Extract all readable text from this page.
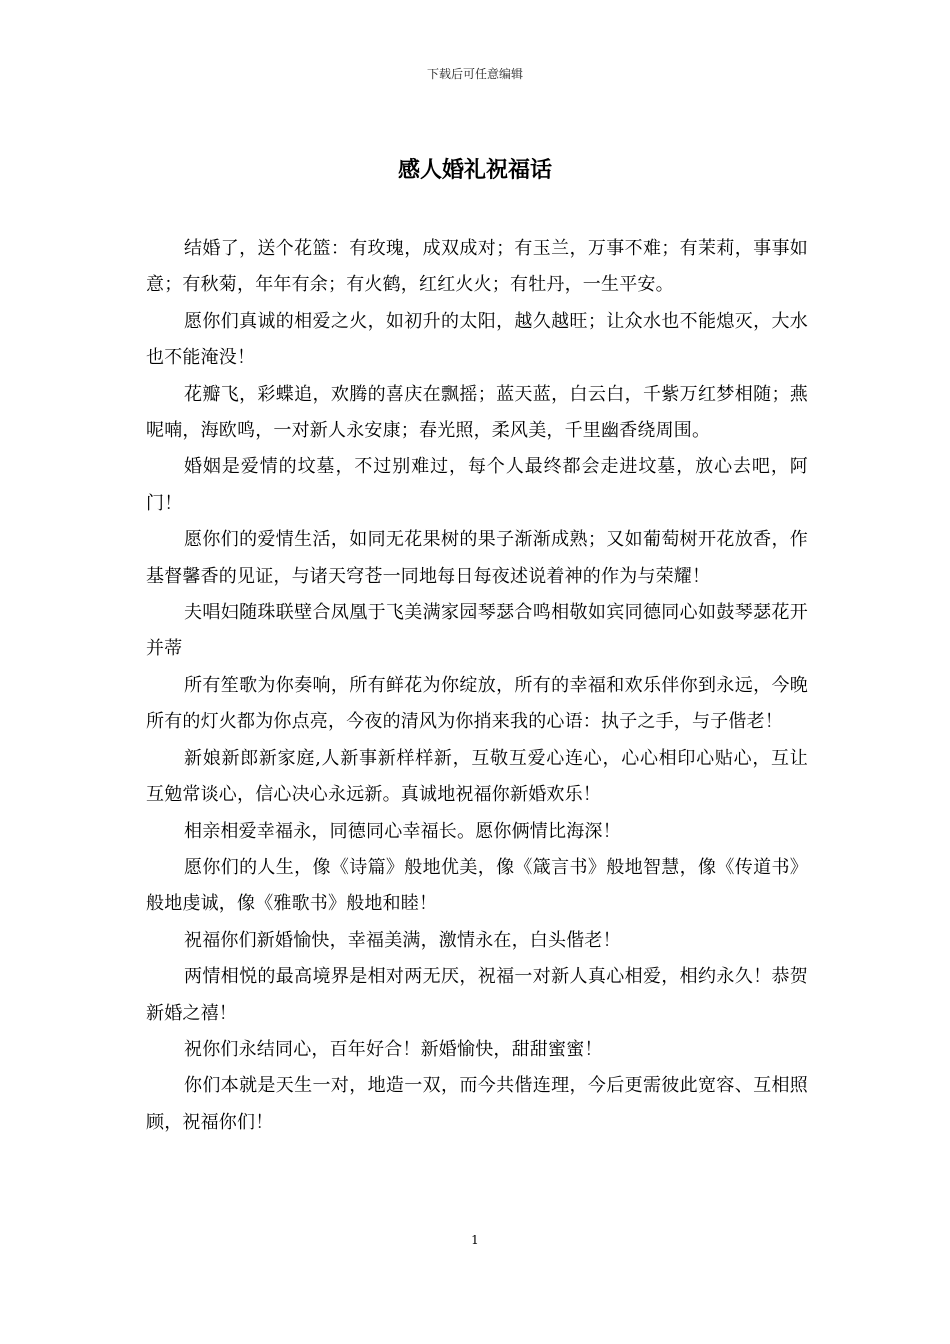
下载后可任意编辑
感人婚礼祝福话

结婚了，送个花篮：有玫瑰，成双成对；有玉兰，万事不难；有茉莉，事事如意；有秋菊，年年有余；有火鹤，红红火火；有牡丹，一生平安。

愿你们真诚的相爱之火，如初升的太阳，越久越旺；让众水也不能熄灭，大水也不能淹没！

花瓣飞，彩蝶追，欢腾的喜庆在飘摇；蓝天蓝，白云白，千紫万红梦相随；燕呢喃，海欧鸣，一对新人永安康；春光照，柔风美，千里幽香绕周围。

婚姻是爱情的坟墓，不过别难过，每个人最终都会走进坟墓，放心去吧，阿门！

愿你们的爱情生活，如同无花果树的果子渐渐成熟；又如葡萄树开花放香，作基督馨香的见证，与诸天穹苍一同地每日每夜述说着神的作为与荣耀！

夫唱妇随珠联壁合凤凰于飞美满家园琴瑟合鸣相敬如宾同德同心如鼓琴瑟花开并蒂

所有笙歌为你奏响，所有鲜花为你绽放，所有的幸福和欢乐伴你到永远，今晚所有的灯火都为你点亮，今夜的清风为你捎来我的心语：执子之手，与子偕老！

新娘新郎新家庭,人新事新样样新，互敬互爱心连心，心心相印心贴心，互让互勉常谈心，信心决心永远新。真诚地祝福你新婚欢乐！

相亲相爱幸福永，同德同心幸福长。愿你俩情比海深！

愿你们的人生，像《诗篇》般地优美，像《箴言书》般地智慧，像《传道书》般地虔诚，像《雅歌书》般地和睦！

祝福你们新婚愉快，幸福美满，激情永在，白头偕老！

两情相悦的最高境界是相对两无厌，祝福一对新人真心相爱，相约永久！恭贺新婚之禧！

祝你们永结同心，百年好合！新婚愉快，甜甜蜜蜜！

你们本就是天生一对，地造一双，而今共偕连理，今后更需彼此宽容、互相照顾，祝福你们！

1
